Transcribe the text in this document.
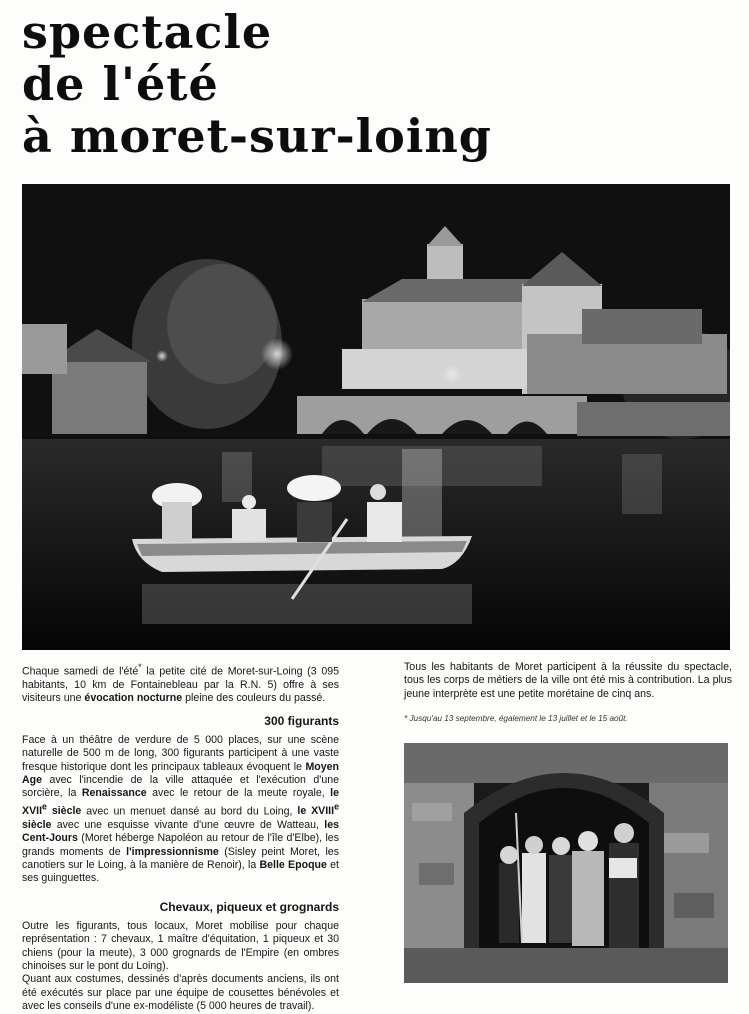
spectacle
de l'été
à moret-sur-loing

Chaque samedi de l'été* la petite cité de Moret-sur-Loing (3 095 habitants, 10 km de Fontainebleau par la R.N. 5) offre à ses visiteurs une évocation nocturne pleine des couleurs du passé.

300 figurants

Face à un théâtre de verdure de 5 000 places, sur une scène naturelle de 500 m de long, 300 figurants participent à une vaste fresque historique dont les principaux tableaux évoquent le Moyen Age avec l'incendie de la ville attaquée et l'exécution d'une sorcière, la Renaissance avec le retour de la meute royale, le XVIIe siècle avec un menuet dansé au bord du Loing, le XVIIIe siècle avec une esquisse vivante d'une œuvre de Watteau, les Cent-Jours (Moret héberge Napoléon au retour de l'île d'Elbe), les grands moments de l'impressionnisme (Sisley peint Moret, les canotiers sur le Loing, à la manière de Renoir), la Belle Epoque et ses guinguettes.

Chevaux, piqueux et grognards

Outre les figurants, tous locaux, Moret mobilise pour chaque représentation : 7 chevaux, 1 maître d'équitation, 1 piqueux et 30 chiens (pour la meute), 3 000 grognards de l'Empire (en ombres chinoises sur le pont du Loing).

Quant aux costumes, dessinés d'après documents anciens, ils ont été exécutés sur place par une équipe de cousettes bénévoles et avec les conseils d'une ex-modéliste (5 000 heures de travail).

Tous les habitants de Moret participent à la réussite du spectacle, tous les corps de métiers de la ville ont été mis à contribution. La plus jeune interprète est une petite morétaine de cinq ans.

* Jusqu'au 13 septembre, également le 13 juillet et le 15 août.
